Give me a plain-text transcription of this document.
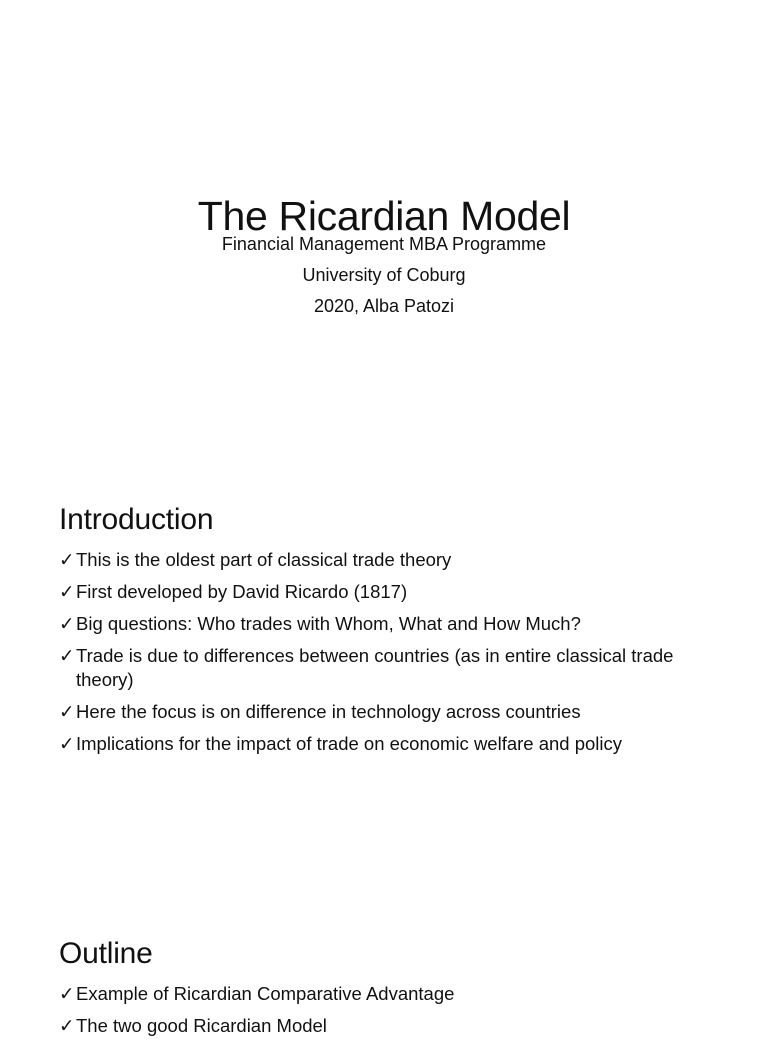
The Ricardian Model
Financial Management MBA Programme
University of Coburg
2020, Alba Patozi
Introduction
✓ This is the oldest part of classical trade theory
✓ First developed by David Ricardo (1817)
✓ Big questions: Who trades with Whom, What and How Much?
✓ Trade is due to differences between countries (as in entire classical trade theory)
✓ Here the focus is on difference in technology across countries
✓ Implications for the impact of trade on economic welfare and policy
Outline
✓ Example of Ricardian Comparative Advantage
✓ The two good Ricardian Model
